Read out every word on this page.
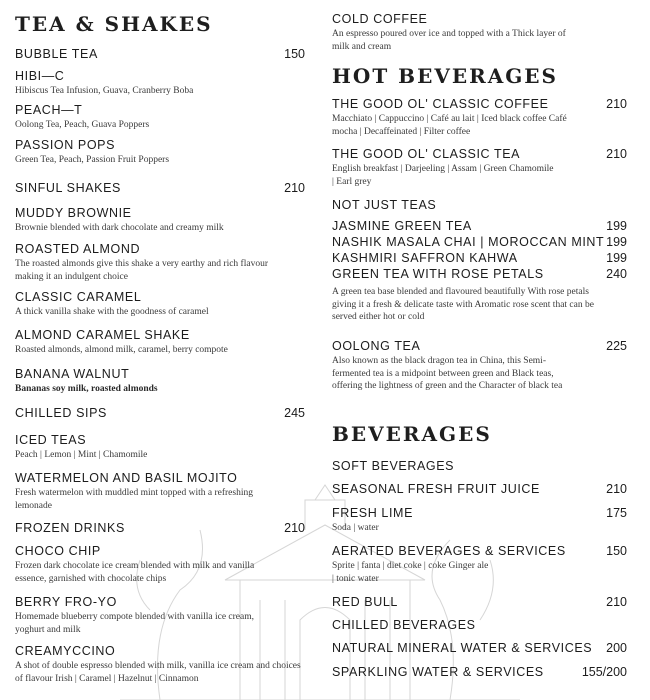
TEA & SHAKES
BUBBLE TEA	150
HIBI—C
Hibiscus Tea Infusion, Guava, Cranberry Boba
PEACH—T
Oolong Tea, Peach, Guava Poppers
PASSION POPS
Green Tea, Peach, Passion Fruit Poppers
SINFUL SHAKES	210
MUDDY BROWNIE
Brownie blended with dark chocolate and creamy milk
ROASTED ALMOND
The roasted almonds give this shake a very earthy and rich flavour making it an indulgent choice
CLASSIC CARAMEL
A thick vanilla shake with the goodness of caramel
ALMOND CARAMEL SHAKE
Roasted almonds, almond milk, caramel, berry compote
BANANA WALNUT
Bananas soy milk, roasted almonds
CHILLED SIPS	245
ICED TEAS
Peach | Lemon | Mint | Chamomile
WATERMELON AND BASIL MOJITO
Fresh watermelon with muddled mint topped with a refreshing lemonade
FROZEN DRINKS	210
CHOCO CHIP
Frozen dark chocolate ice cream blended with milk and vanilla essence, garnished with chocolate chips
BERRY FRO-YO
Homemade blueberry compote blended with vanilla ice cream, yoghurt and milk
CREAMYCCINO
A shot of double espresso blended with milk, vanilla ice cream and choices of flavour Irish | Caramel | Hazelnut | Cinnamon
COLD COFFEE
An espresso poured over ice and topped with a Thick layer of milk and cream
HOT BEVERAGES
THE GOOD OL' CLASSIC COFFEE	210
Macchiato | Cappuccino | Café au lait | Iced black coffee Café mocha | Decaffeinated | Filter coffee
THE GOOD OL' CLASSIC TEA	210
English breakfast | Darjeeling | Assam | Green Chamomile | Earl grey
NOT JUST TEAS
JASMINE GREEN TEA	199
NASHIK MASALA CHAI | MOROCCAN MINT 199
KASHMIRI SAFFRON KAHWA	199
GREEN TEA WITH ROSE PETALS	240
A green tea base blended and flavoured beautifully With rose petals giving it a fresh & delicate taste with Aromatic rose scent that can be served either hot or cold
OOLONG TEA	225
Also known as the black dragon tea in China, this Semi-fermented tea is a midpoint between green and Black teas, offering the lightness of green and the Character of black tea
BEVERAGES
SOFT BEVERAGES
SEASONAL FRESH FRUIT JUICE	210
FRESH LIME	175
Soda | water
AERATED BEVERAGES & SERVICES	150
Sprite | fanta | diet coke | coke Ginger ale | tonic water
RED BULL	210
CHILLED BEVERAGES
NATURAL MINERAL WATER & SERVICES	200
SPARKLING WATER & SERVICES	155/200
